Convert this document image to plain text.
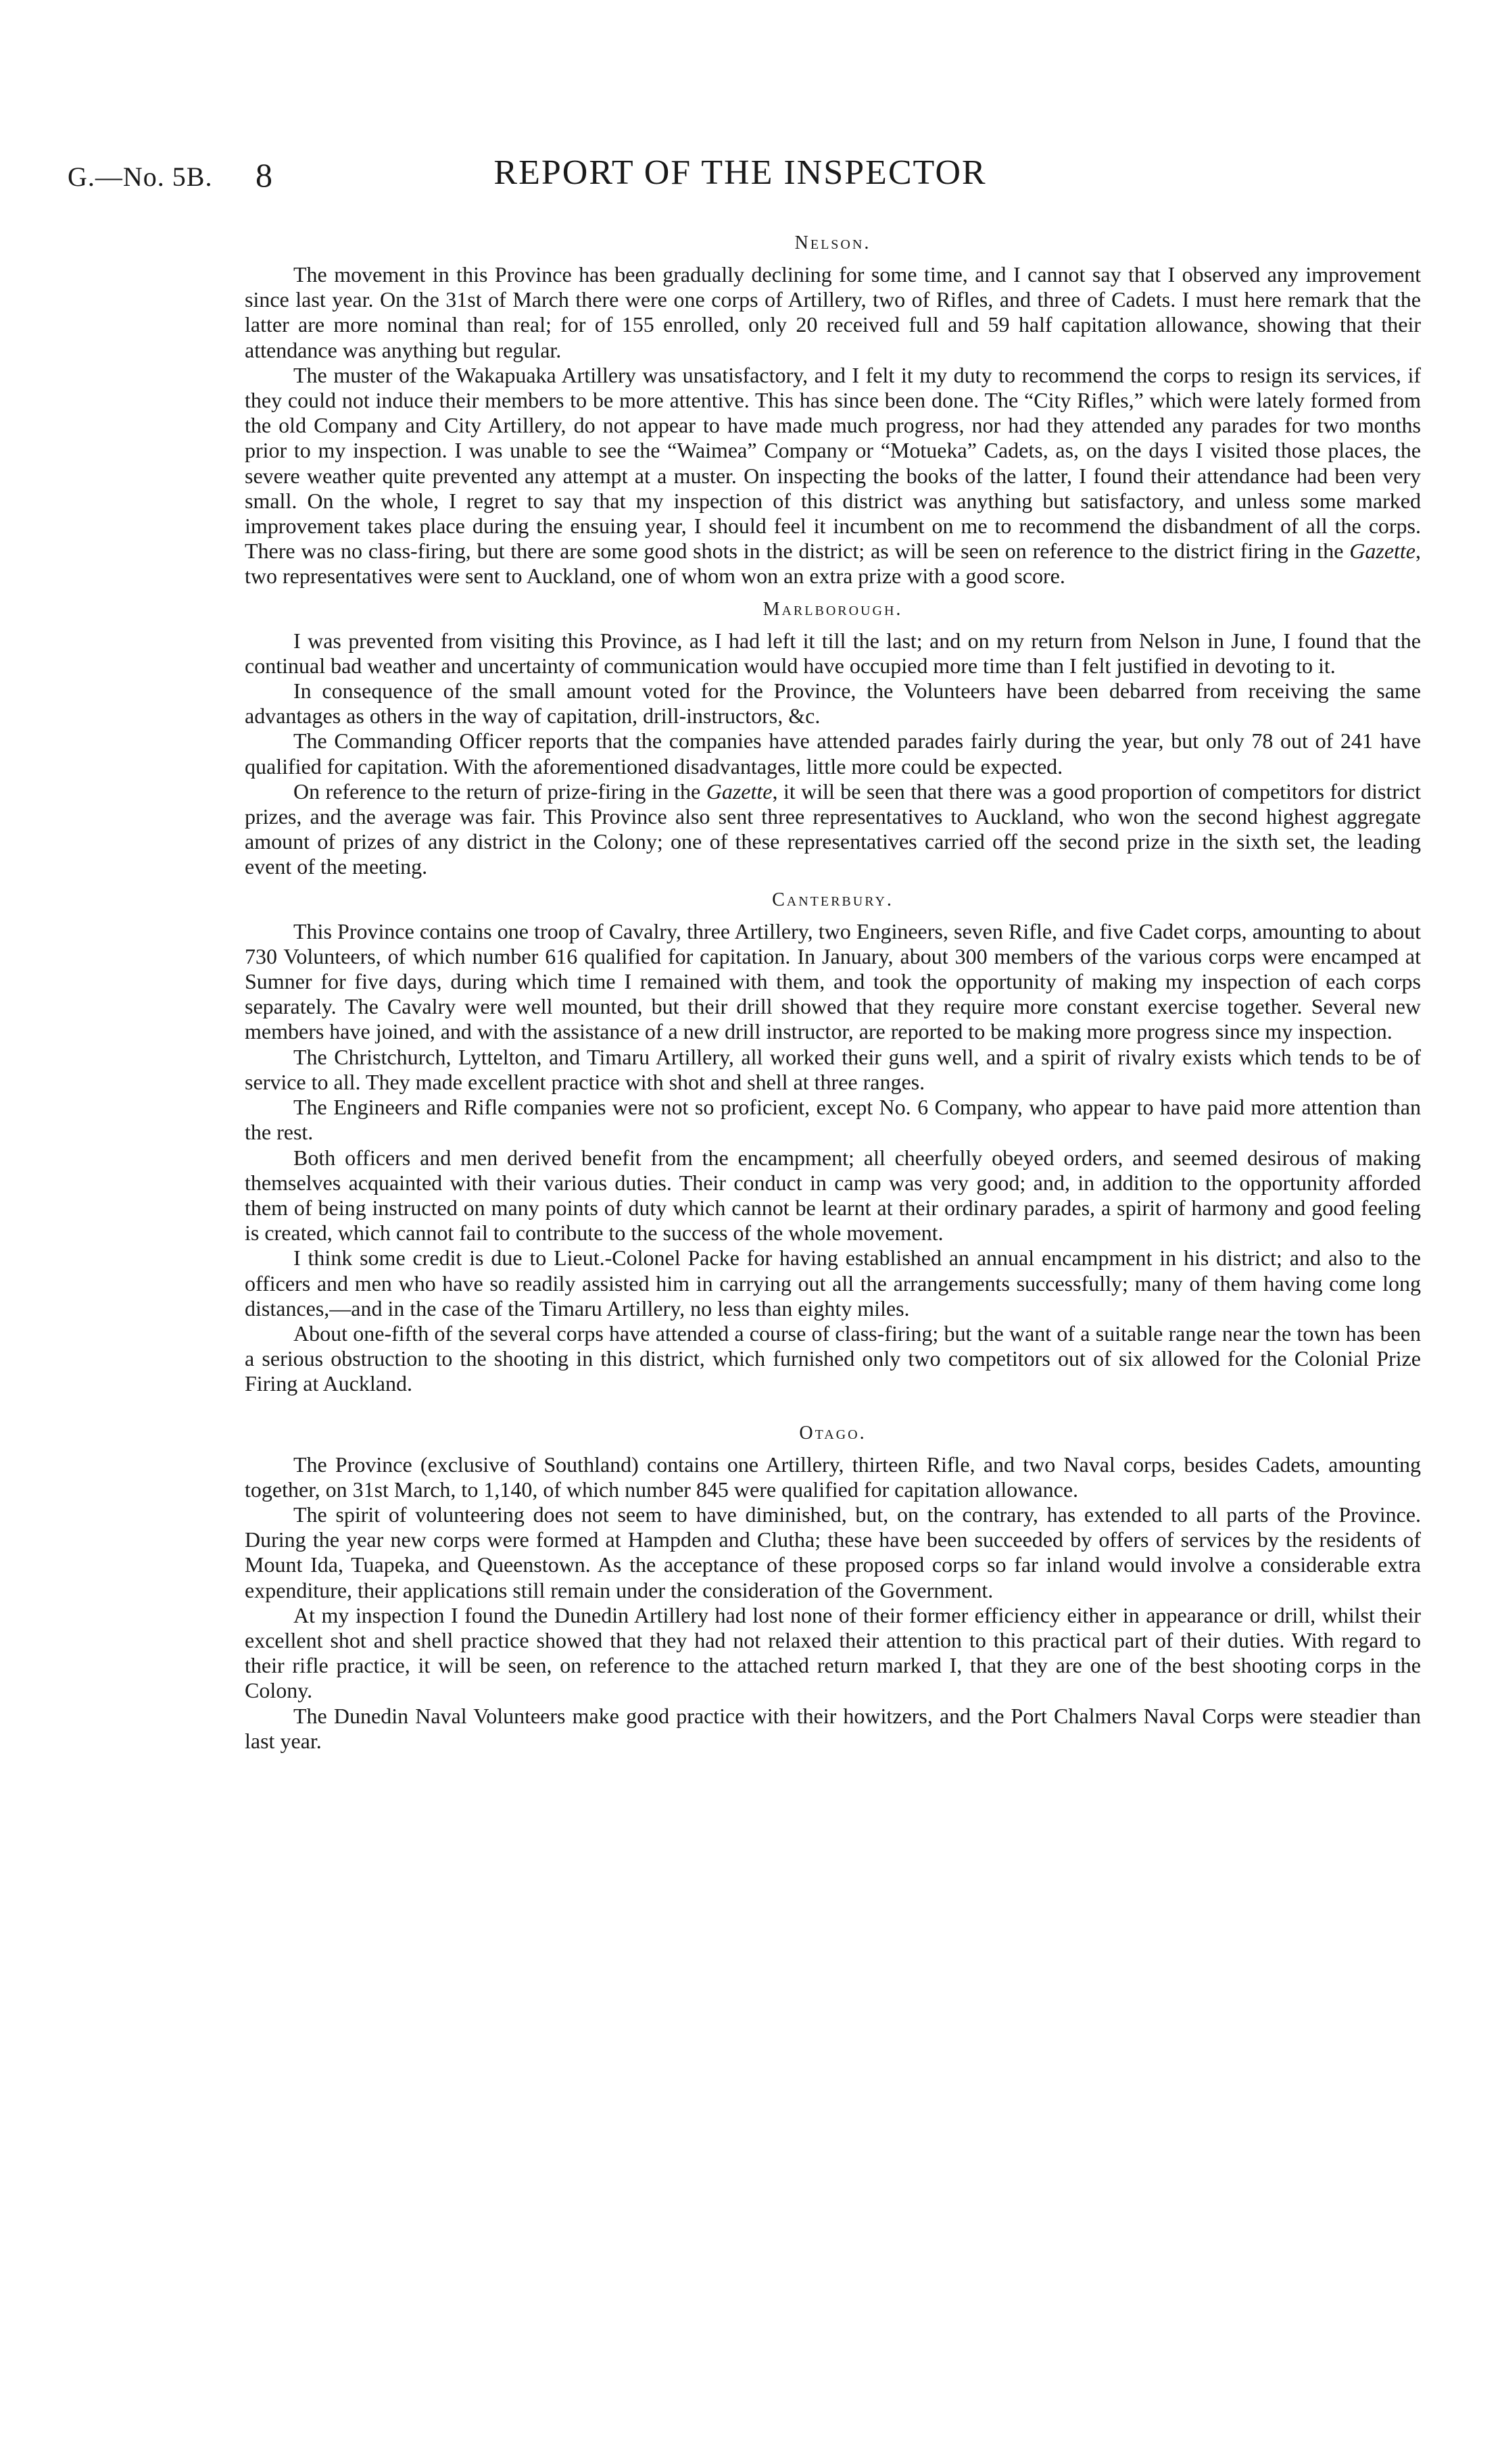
G.—No. 5B. 8	REPORT OF THE INSPECTOR
Nelson.

The movement in this Province has been gradually declining for some time, and I cannot say that I observed any improvement since last year. On the 31st of March there were one corps of Artillery, two of Rifles, and three of Cadets. I must here remark that the latter are more nominal than real; for of 155 enrolled, only 20 received full and 59 half capitation allowance, showing that their attendance was anything but regular.

The muster of the Wakapuaka Artillery was unsatisfactory, and I felt it my duty to recommend the corps to resign its services, if they could not induce their members to be more attentive. This has since been done. The “City Rifles,” which were lately formed from the old Company and City Artillery, do not appear to have made much progress, nor had they attended any parades for two months prior to my inspection. I was unable to see the “Waimea” Company or “Motueka” Cadets, as, on the days I visited those places, the severe weather quite prevented any attempt at a muster. On inspecting the books of the latter, I found their attendance had been very small. On the whole, I regret to say that my inspection of this district was anything but satisfactory, and unless some marked improvement takes place during the ensuing year, I should feel it incumbent on me to recommend the disbandment of all the corps. There was no class-firing, but there are some good shots in the district; as will be seen on reference to the district firing in the Gazette, two representatives were sent to Auckland, one of whom won an extra prize with a good score.

Marlborough.

I was prevented from visiting this Province, as I had left it till the last; and on my return from Nelson in June, I found that the continual bad weather and uncertainty of communication would have occupied more time than I felt justified in devoting to it.

In consequence of the small amount voted for the Province, the Volunteers have been debarred from receiving the same advantages as others in the way of capitation, drill-instructors, &c.

The Commanding Officer reports that the companies have attended parades fairly during the year, but only 78 out of 241 have qualified for capitation. With the aforementioned disadvantages, little more could be expected.

On reference to the return of prize-firing in the Gazette, it will be seen that there was a good proportion of competitors for district prizes, and the average was fair. This Province also sent three representatives to Auckland, who won the second highest aggregate amount of prizes of any district in the Colony; one of these representatives carried off the second prize in the sixth set, the leading event of the meeting.

Canterbury.

This Province contains one troop of Cavalry, three Artillery, two Engineers, seven Rifle, and five Cadet corps, amounting to about 730 Volunteers, of which number 616 qualified for capitation. In January, about 300 members of the various corps were encamped at Sumner for five days, during which time I remained with them, and took the opportunity of making my inspection of each corps separately. The Cavalry were well mounted, but their drill showed that they require more constant exercise together. Several new members have joined, and with the assistance of a new drill instructor, are reported to be making more progress since my inspection.

The Christchurch, Lyttelton, and Timaru Artillery, all worked their guns well, and a spirit of rivalry exists which tends to be of service to all. They made excellent practice with shot and shell at three ranges.

The Engineers and Rifle companies were not so proficient, except No. 6 Company, who appear to have paid more attention than the rest.

Both officers and men derived benefit from the encampment; all cheerfully obeyed orders, and seemed desirous of making themselves acquainted with their various duties. Their conduct in camp was very good; and, in addition to the opportunity afforded them of being instructed on many points of duty which cannot be learnt at their ordinary parades, a spirit of harmony and good feeling is created, which cannot fail to contribute to the success of the whole movement.

I think some credit is due to Lieut.-Colonel Packe for having established an annual encampment in his district; and also to the officers and men who have so readily assisted him in carrying out all the arrangements successfully; many of them having come long distances,—and in the case of the Timaru Artillery, no less than eighty miles.

About one-fifth of the several corps have attended a course of class-firing; but the want of a suitable range near the town has been a serious obstruction to the shooting in this district, which furnished only two competitors out of six allowed for the Colonial Prize Firing at Auckland.

Otago.

The Province (exclusive of Southland) contains one Artillery, thirteen Rifle, and two Naval corps, besides Cadets, amounting together, on 31st March, to 1,140, of which number 845 were qualified for capitation allowance.

The spirit of volunteering does not seem to have diminished, but, on the contrary, has extended to all parts of the Province. During the year new corps were formed at Hampden and Clutha; these have been succeeded by offers of services by the residents of Mount Ida, Tuapeka, and Queenstown. As the acceptance of these proposed corps so far inland would involve a considerable extra expenditure, their applications still remain under the consideration of the Government.

At my inspection I found the Dunedin Artillery had lost none of their former efficiency either in appearance or drill, whilst their excellent shot and shell practice showed that they had not relaxed their attention to this practical part of their duties. With regard to their rifle practice, it will be seen, on reference to the attached return marked I, that they are one of the best shooting corps in the Colony.

The Dunedin Naval Volunteers make good practice with their howitzers, and the Port Chalmers Naval Corps were steadier than last year.
